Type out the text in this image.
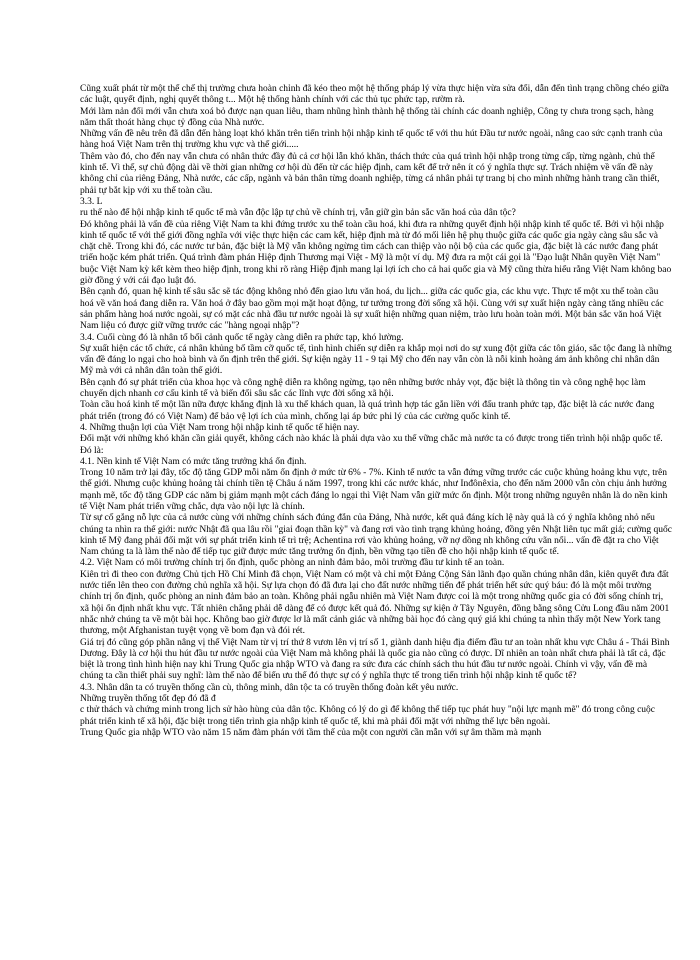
Cũng xuất phát từ một thể chế thị trường chưa hoàn chỉnh đã kéo theo một hệ thống pháp lý vừa thực hiện vừa sửa đổi, dẫn đến tình trạng chồng chéo giữa các luật, quyết định, nghị quyết thông t... Một hệ thống hành chính với các thủ tục phức tạp, rườm rà.

Mới làm nản đối mới vẫn chưa xoá bỏ được nạn quan liêu, tham nhũng hình thành hệ thống tài chính các doanh nghiệp, Công ty chưa trong sạch, hàng năm thất thoát hàng chục tỷ đồng của Nhà nước.

Những vấn đề nêu trên đã dẫn đến hàng loạt khó khăn trên tiến trình hội nhập kinh tế quốc tế với thu hút Đầu tư nước ngoài, nâng cao sức cạnh tranh của hàng hoá Việt Nam trên thị trường khu vực và thế giới.....

Thêm vào đó, cho đến nay vẫn chưa có nhân thức đầy đủ cả cơ hội lẫn khó khăn, thách thức của quá trình hội nhập trong từng cấp, từng ngành, chủ thể kinh tế. Vì thế, sự chủ động dài về thời gian những cơ hội dù đến từ các hiệp định, cam kết để trở nên ít có ý nghĩa thực sự. Trách nhiệm về vấn đề này không chỉ của riêng Đảng, Nhà nước, các cấp, ngành và bản thân từng doanh nghiệp, từng cá nhân phải tự trang bị cho mình những hành trang cần thiết, phải tự bắt kịp với xu thế toàn cầu.

3.3. L

ru thế nào để hội nhập kinh tế quốc tế mà vẫn độc lập tự chủ về chính trị, vẫn giữ gìn bản sắc văn hoá của dân tộc?

Đó không phải là vấn đề của riêng Việt Nam ta khi đứng trước xu thế toàn cầu hoá, khi đưa ra những quyết định hội nhập kinh tế quốc tế. Bởi vì hội nhập kinh tế quốc tế với thế giới đồng nghĩa với việc thực hiện các cam kết, hiệp định mà từ đó mối liên hệ phụ thuộc giữa các quốc gia ngày càng sâu sắc và chặt chẽ. Trong khi đó, các nước tư bản, đặc biệt là Mỹ vẫn không ngừng tìm cách can thiệp vào nội bộ của các quốc gia, đặc biệt là các nước đang phát triển hoặc kém phát triển. Quá trình đàm phán Hiệp định Thương mại Việt - Mỹ là một ví dụ. Mỹ đưa ra một cái gọi là "Đạo luật Nhân quyền Việt Nam" buộc Việt Nam kỳ kết kèm theo hiệp định, trong khi rõ ràng Hiệp định mang lại lợi ích cho cả hai quốc gia và Mỹ cũng thừa hiểu rằng Việt Nam không bao giờ đồng ý với cái đạo luật đó.

Bên cạnh đó, quan hệ kinh tế sâu sắc sẽ tác động không nhỏ đến giao lưu văn hoá, du lịch... giữa các quốc gia, các khu vực. Thực tế một xu thế toàn cầu hoá về văn hoá đang diễn ra. Văn hoá ở đây bao gồm mọi mặt hoạt động, tư tưởng trong đời sống xã hội. Cùng với sự xuất hiện ngày càng tăng nhiều các sản phẩm hàng hoá nước ngoài, sự có mặt các nhà đầu tư nước ngoài là sự xuất hiện những quan niệm, trào lưu hoàn toàn mới. Một bản sắc văn hoá Việt Nam liệu có được giữ vững trước các "hàng ngoại nhập"?

3.4. Cuối cùng đó là nhân tố bối cảnh quốc tế ngày càng diễn ra phức tạp, khó lường.

Sự xuất hiện các tổ chức, cá nhân khủng bố tầm cỡ quốc tế, tình hình chiến sự diễn ra khắp mọi nơi do sự xung đột giữa các tôn giáo, sắc tộc đang là những vấn đề đáng lo ngại cho hoà bình và ổn định trên thế giới. Sự kiện ngày 11 - 9 tại Mỹ cho đến nay vẫn còn là nỗi kinh hoàng ám ảnh không chỉ nhân dân Mỹ mà với cả nhân dân toàn thế giới.

Bên cạnh đó sự phát triển của khoa học và công nghệ diễn ra không ngừng, tạo nên những bước nhảy vọt, đặc biệt là thông tin và công nghệ học làm chuyển dịch nhanh cơ cấu kinh tế và biến đổi sâu sắc các lĩnh vực đời sống xã hội.

Toàn cầu hoá kinh tế một lần nữa được khẳng định là xu thế khách quan, là quá trình hợp tác gắn liền với đấu tranh phức tạp, đặc biệt là các nước đang phát triển (trong đó có Việt Nam) để bảo vệ lợi ích của mình, chống lại áp bức phi lý của các cường quốc kinh tế.

4. Những thuận lợi của Việt Nam trong hội nhập kinh tế quốc tế hiện nay.

Đối mặt với những khó khăn cần giải quyết, không cách nào khác là phải dựa vào xu thế vững chắc mà nước ta có được trong tiến trình hội nhập quốc tế. Đó là:

4.1. Nền kinh tế Việt Nam có mức tăng trưởng khá ổn định.

Trong 10 năm trở lại đây, tốc độ tăng GDP mỗi năm ổn định ở mức từ 6% - 7%. Kinh tế nước ta vẫn đứng vững trước các cuộc khủng hoảng khu vực, trên thế giới. Nhưng cuộc khủng hoảng tài chính tiền tệ Châu á năm 1997, trong khi các nước khác, như Inđônêxia, cho đến năm 2000 vẫn còn chịu ảnh hưởng mạnh mẽ, tốc độ tăng GDP các năm bị giảm mạnh một cách đáng lo ngại thì Việt Nam vẫn giữ mức ổn định. Một trong những nguyên nhân là do nền kinh tế Việt Nam phát triển vững chắc, dựa vào nội lực là chính.

Từ sự cố gắng nỗ lực của cả nước cùng với những chính sách đúng đắn của Đảng, Nhà nước, kết quả đáng kích lệ này quả là có ý nghĩa không nhỏ nếu chúng ta nhìn ra thế giới: nước Nhật đã qua lâu rồi "giai đoạn thần kỳ" và đang rơi vào tình trạng khủng hoảng, đồng yên Nhật liên tục mất giá; cường quốc kinh tế Mỹ đang phải đối mặt với sự phát triển kinh tế trì trệ; Achentina rơi vào khủng hoảng, vỡ nợ dồng nh không cứu vãn nổi... vấn đề đặt ra cho Việt Nam chúng ta là làm thế nào để tiếp tục giữ được mức tăng trưởng ổn định, bền vững tạo tiền đề cho hội nhập kinh tế quốc tế.

4.2. Việt Nam có môi trường chính trị ổn định, quốc phòng an ninh đảm bảo, môi trường đầu tư kinh tế an toàn.

Kiên trì đi theo con đường Chủ tịch Hồ Chí Minh đã chọn, Việt Nam có một và chỉ một Đảng Cộng Sản lãnh đạo quần chúng nhân dân, kiên quyết đưa đất nước tiến lên theo con đường chủ nghĩa xã hội. Sự lựa chọn đó đã đưa lại cho đất nước những tiến để phát triển hết sức quý báu: đó là một môi trường chính trị ổn định, quốc phòng an ninh đảm bảo an toàn. Không phải ngẫu nhiên mà Việt Nam được coi là một trong những quốc gia có đời sống chính trị, xã hội ổn định nhất khu vực. Tất nhiên chẳng phải dễ dàng để có được kết quả đó. Những sự kiện ở Tây Nguyên, đồng bằng sông Cửu Long đầu năm 2001 nhắc nhở chúng ta về một bài học. Không bao giờ được lơ là mất cảnh giác và những bài học đó càng quý giá khi chúng ta nhìn thấy một New York tang thương, một Afghanistan tuyệt vọng về bom đạn và đói rét.

Giá trị đó cũng góp phần nâng vị thế Việt Nam từ vị trí thứ 8 vươn lên vị trí số 1, giành danh hiệu địa điểm đầu tư an toàn nhất khu vực Châu á - Thái Bình Dương. Đây là cơ hội thu hút đầu tư nước ngoài của Việt Nam mà không phải là quốc gia nào cũng có được. Dĩ nhiên an toàn nhất chưa phải là tất cả, đặc biệt là trong tình hình hiện nay khi Trung Quốc gia nhập WTO và đang ra sức đưa các chính sách thu hút đầu tư nước ngoài. Chính vì vậy, vấn đề mà chúng ta cần thiết phải suy nghĩ: làm thế nào để biến ưu thế đó thực sự có ý nghĩa thực tế trong tiến trình hội nhập kinh tế quốc tế?

4.3. Nhân dân ta có truyền thống cần cù, thông minh, dân tộc ta có truyền thống đoàn kết yêu nước.

Những truyền thống tốt đẹp đó đã đ

c thử thách và chứng minh trong lịch sử hào hùng của dân tộc. Không có lý do gì để không thể tiếp tục phát huy "nội lực mạnh mẽ" đó trong công cuộc phát triển kinh tế xã hội, đặc biệt trong tiến trình gia nhập kinh tế quốc tế, khi mà phải đối mặt với những thế lực bên ngoài.

Trung Quốc gia nhập WTO vào năm 15 năm đàm phán với tầm thế của một con người cần mẫn với sự âm thầm mà mạnh
